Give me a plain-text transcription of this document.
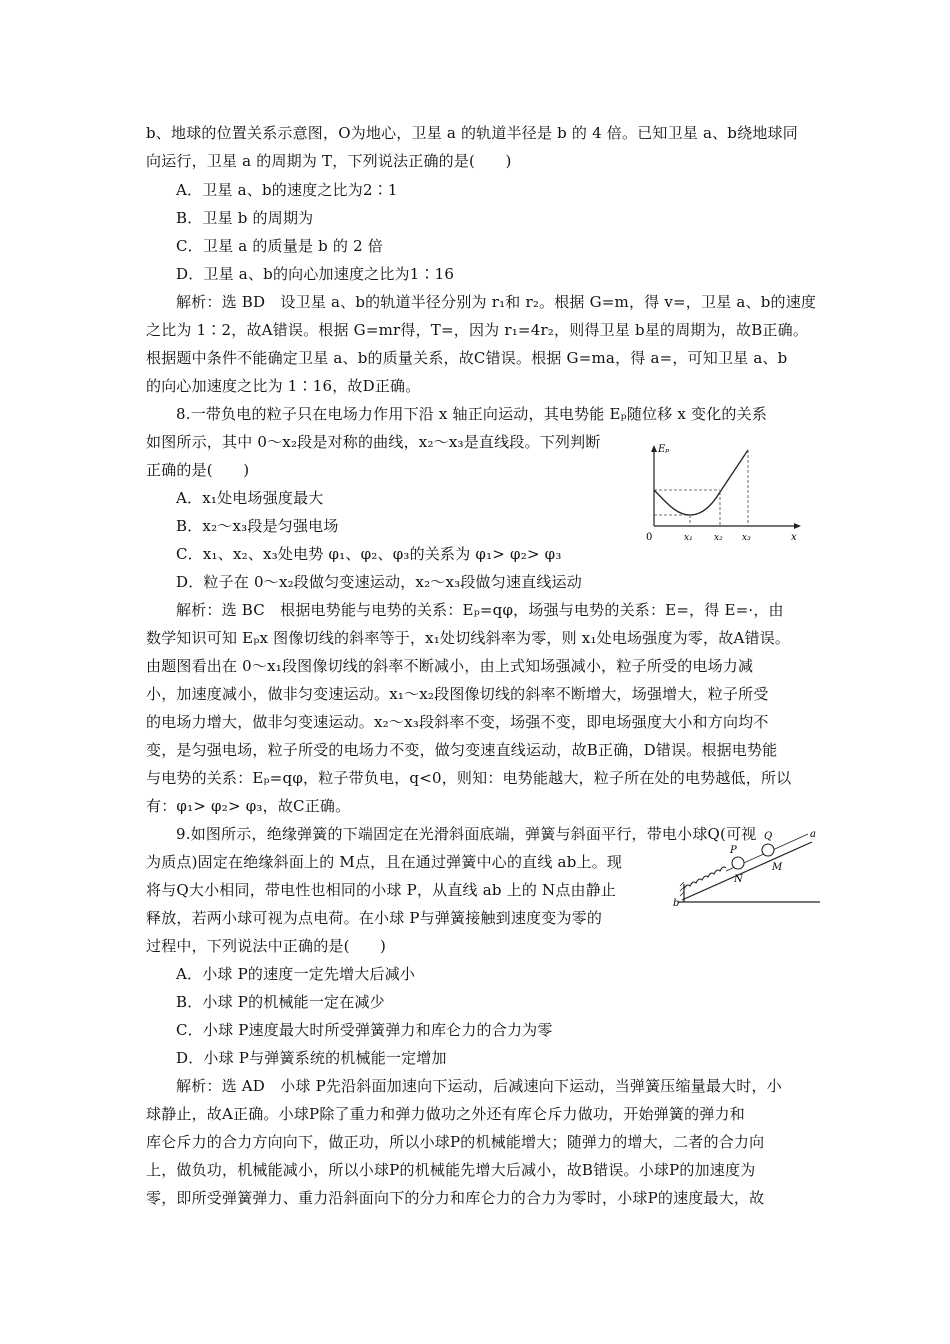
b、地球的位置关系示意图，O为地心，卫星 a 的轨道半径是 b 的 4 倍。已知卫星 a、b绕地球同
向运行，卫星 a 的周期为 T，下列说法正确的是(　　)
A．卫星 a、b的速度之比为2∶1
B．卫星 b 的周期为
C．卫星 a 的质量是 b 的 2 倍
D．卫星 a、b的向心加速度之比为1∶16
解析：选 BD　设卫星 a、b的轨道半径分别为 r₁和 r₂。根据 G=m，得 v=，卫星 a、b的速度
之比为 1∶2，故A错误。根据 G=mr得，T=，因为 r₁=4r₂，则得卫星 b星的周期为，故B正确。
根据题中条件不能确定卫星 a、b的质量关系，故C错误。根据 G=ma，得 a=，可知卫星 a、b
的向心加速度之比为 1∶16，故D正确。
8.一带负电的粒子只在电场力作用下沿 x 轴正向运动，其电势能 Eₚ随位移 x 变化的关系
如图所示，其中 0～x₂段是对称的曲线，x₂～x₃是直线段。下列判断
正确的是(　　)
A．x₁处电场强度最大
B．x₂～x₃段是匀强电场
C．x₁、x₂、x₃处电势 φ₁、φ₂、φ₃的关系为 φ₁> φ₂> φ₃
D．粒子在 0～x₂段做匀变速运动，x₂～x₃段做匀速直线运动
解析：选 BC　根据电势能与电势的关系：Eₚ=qφ，场强与电势的关系：E=，得 E=·，由
数学知识可知 Eₚx 图像切线的斜率等于，x₁处切线斜率为零，则 x₁处电场强度为零，故A错误。
由题图看出在 0～x₁段图像切线的斜率不断减小，由上式知场强减小，粒子所受的电场力减
小，加速度减小，做非匀变速运动。x₁～x₂段图像切线的斜率不断增大，场强增大，粒子所受
的电场力增大，做非匀变速运动。x₂～x₃段斜率不变，场强不变，即电场强度大小和方向均不
变，是匀强电场，粒子所受的电场力不变，做匀变速直线运动，故B正确，D错误。根据电势能
与电势的关系：Eₚ=qφ，粒子带负电，q<0，则知：电势能越大，粒子所在处的电势越低，所以
有：φ₁> φ₂> φ₃，故C正确。
Eₚ
x
0	x₁ x₂ x₃
9.如图所示，绝缘弹簧的下端固定在光滑斜面底端，弹簧与斜面平行，带电小球Q(可视
为质点)固定在绝缘斜面上的 M点，且在通过弹簧中心的直线 ab上。现
将与Q大小相同，带电性也相同的小球 P，从直线 ab 上的 N点由静止
释放，若两小球可视为点电荷。在小球 P与弹簧接触到速度变为零的
过程中，下列说法中正确的是(　　)
A．小球 P的速度一定先增大后减小
B．小球 P的机械能一定在减少
C．小球 P速度最大时所受弹簧弹力和库仑力的合力为零
D．小球 P与弹簧系统的机械能一定增加
解析：选 AD　小球 P先沿斜面加速向下运动，后减速向下运动，当弹簧压缩量最大时，小
球静止，故A正确。小球P除了重力和弹力做功之外还有库仑斥力做功，开始弹簧的弹力和
库仑斥力的合力方向向下，做正功，所以小球P的机械能增大；随弹力的增大，二者的合力向
上，做负功，机械能减小，所以小球P的机械能先增大后减小，故B错误。小球P的加速度为
零，即所受弹簧弹力、重力沿斜面向下的分力和库仑力的合力为零时，小球P的速度最大，故
P
Q	a
M
N
b
